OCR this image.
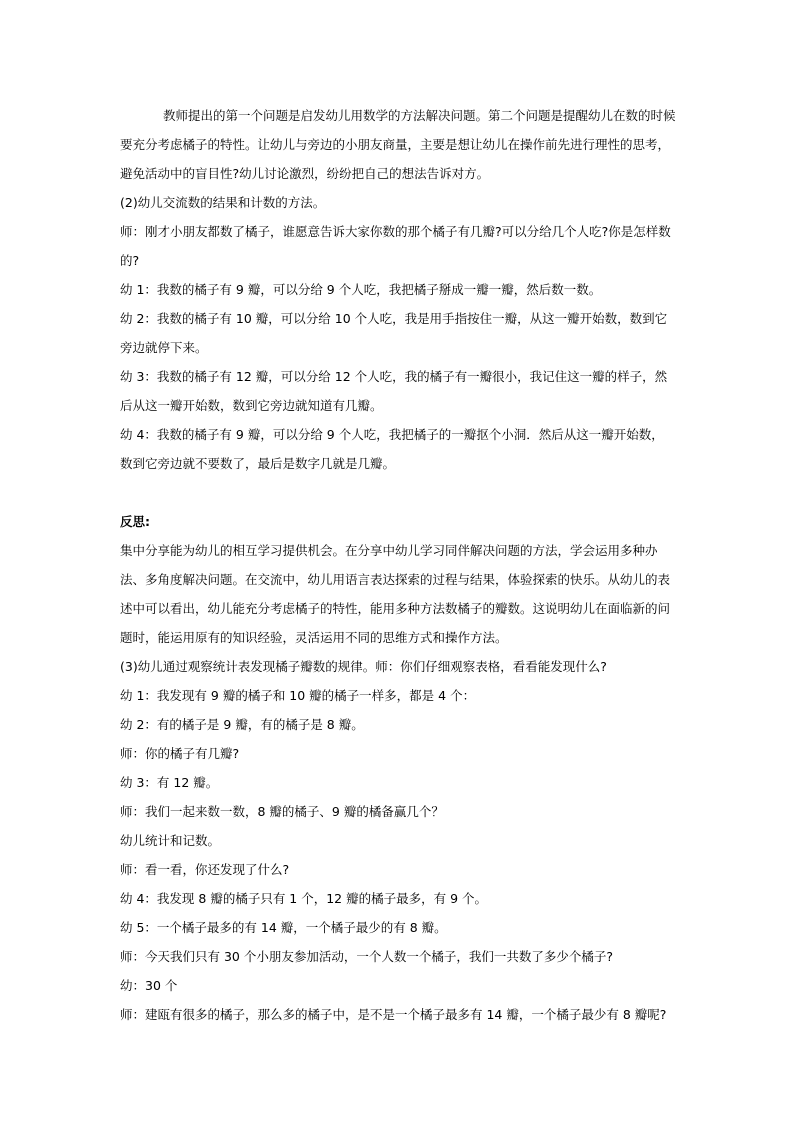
教师提出的第一个问题是启发幼儿用数学的方法解决问题。第二个问题是提醒幼儿在数的时候要充分考虑橘子的特性。让幼儿与旁边的小朋友商量，主要是想让幼儿在操作前先进行理性的思考，避免活动中的盲目性?幼儿讨论激烈，纷纷把自己的想法告诉对方。

(2)幼儿交流数的结果和计数的方法。

师：刚才小朋友都数了橘子，谁愿意告诉大家你数的那个橘子有几瓣?可以分给几个人吃?你是怎样数的?

幼 1：我数的橘子有 9 瓣，可以分给 9 个人吃，我把橘子掰成一瓣一瓣，然后数一数。

幼 2：我数的橘子有 10 瓣，可以分给 10 个人吃，我是用手指按住一瓣，从这一瓣开始数，数到它旁边就停下来。

幼 3：我数的橘子有 12 瓣，可以分给 12 个人吃，我的橘子有一瓣很小，我记住这一瓣的样子，然后从这一瓣开始数，数到它旁边就知道有几瓣。

幼 4：我数的橘子有 9 瓣，可以分给 9 个人吃，我把橘子的一瓣抠个小洞．然后从这一瓣开始数，数到它旁边就不要数了，最后是数字几就是几瓣。

反思:

集中分享能为幼儿的相互学习提供机会。在分享中幼儿学习同伴解决问题的方法，学会运用多种办法、多角度解决问题。在交流中，幼儿用语言表达探索的过程与结果，体验探索的快乐。从幼儿的表述中可以看出，幼儿能充分考虑橘子的特性，能用多种方法数橘子的瓣数。这说明幼儿在面临新的问题时，能运用原有的知识经验，灵活运用不同的思维方式和操作方法。

(3)幼儿通过观察统计表发现橘子瓣数的规律。师：你们仔细观察表格，看看能发现什么?

幼 1：我发现有 9 瓣的橘子和 10 瓣的橘子一样多，都是 4 个：

幼 2：有的橘子是 9 瓣，有的橘子是 8 瓣。

师：你的橘子有几瓣?

幼 3：有 12 瓣。

师：我们一起来数一数，8 瓣的橘子、9 瓣的橘备赢几个？

幼儿统计和记数。

师：看一看，你还发现了什么?

幼 4：我发现 8 瓣的橘子只有 1 个，12 瓣的橘子最多，有 9 个。

幼 5：一个橘子最多的有 14 瓣，一个橘子最少的有 8 瓣。

师：今天我们只有 30 个小朋友参加活动，一个人数一个橘子，我们一共数了多少个橘子?

幼：30 个

师：建瓯有很多的橘子，那么多的橘子中，是不是一个橘子最多有 14 瓣，一个橘子最少有 8 瓣呢?
